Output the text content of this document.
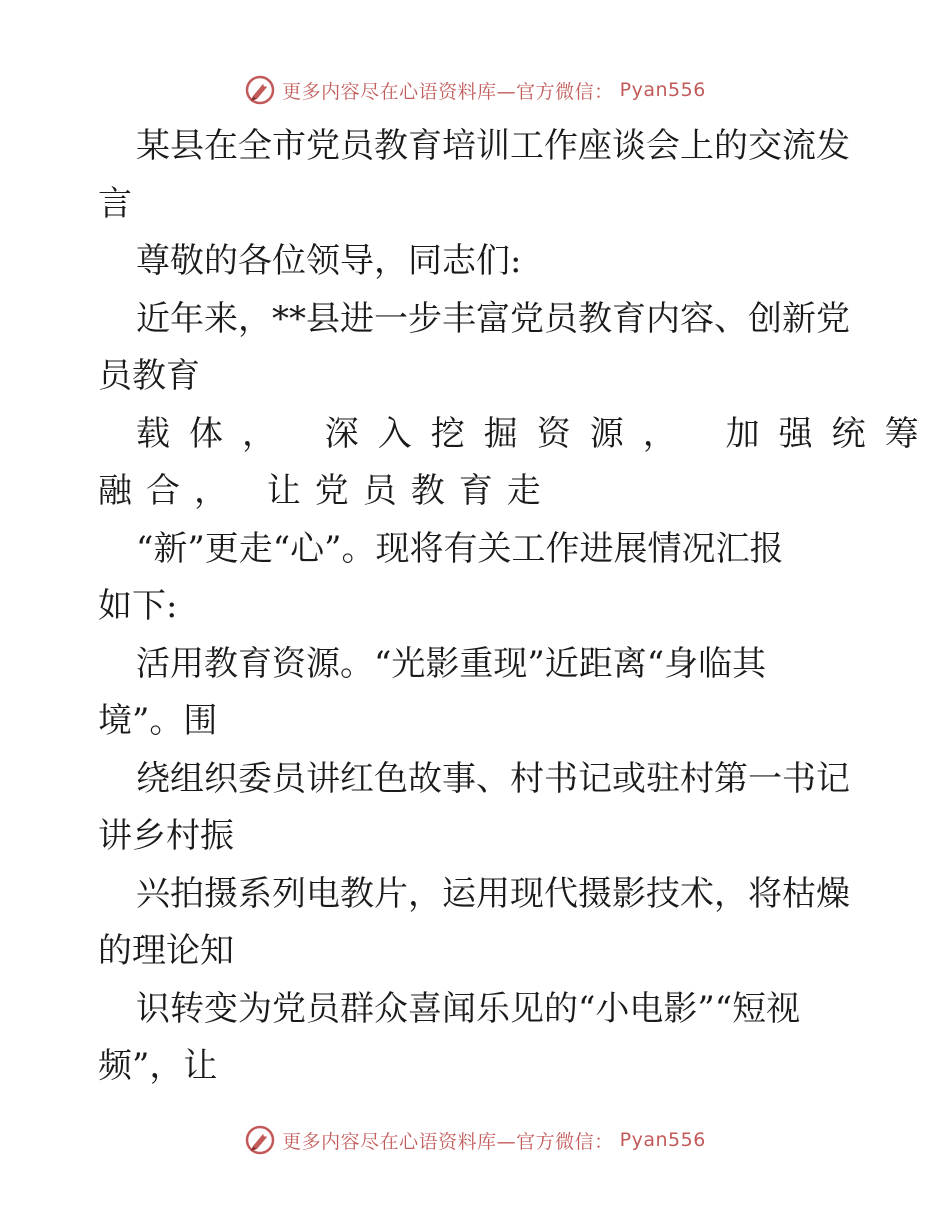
更多内容尽在心语资料库—官方微信： Pyan556
某县在全市党员教育培训工作座谈会上的交流发
言
尊敬的各位领导，同志们:
近年来，**县进一步丰富党员教育内容、创新党
员教育
载体， 深入挖掘资源， 加强统筹
融合， 让党员教育走
“新”更走“心”。现将有关工作进展情况汇报
如下:
活用教育资源。“光影重现”近距离“身临其
境”。围
绕组织委员讲红色故事、村书记或驻村第一书记
讲乡村振
兴拍摄系列电教片，运用现代摄影技术，将枯燥
的理论知
识转变为党员群众喜闻乐见的“小电影”“短视
频”，让
更多内容尽在心语资料库—官方微信： Pyan556
